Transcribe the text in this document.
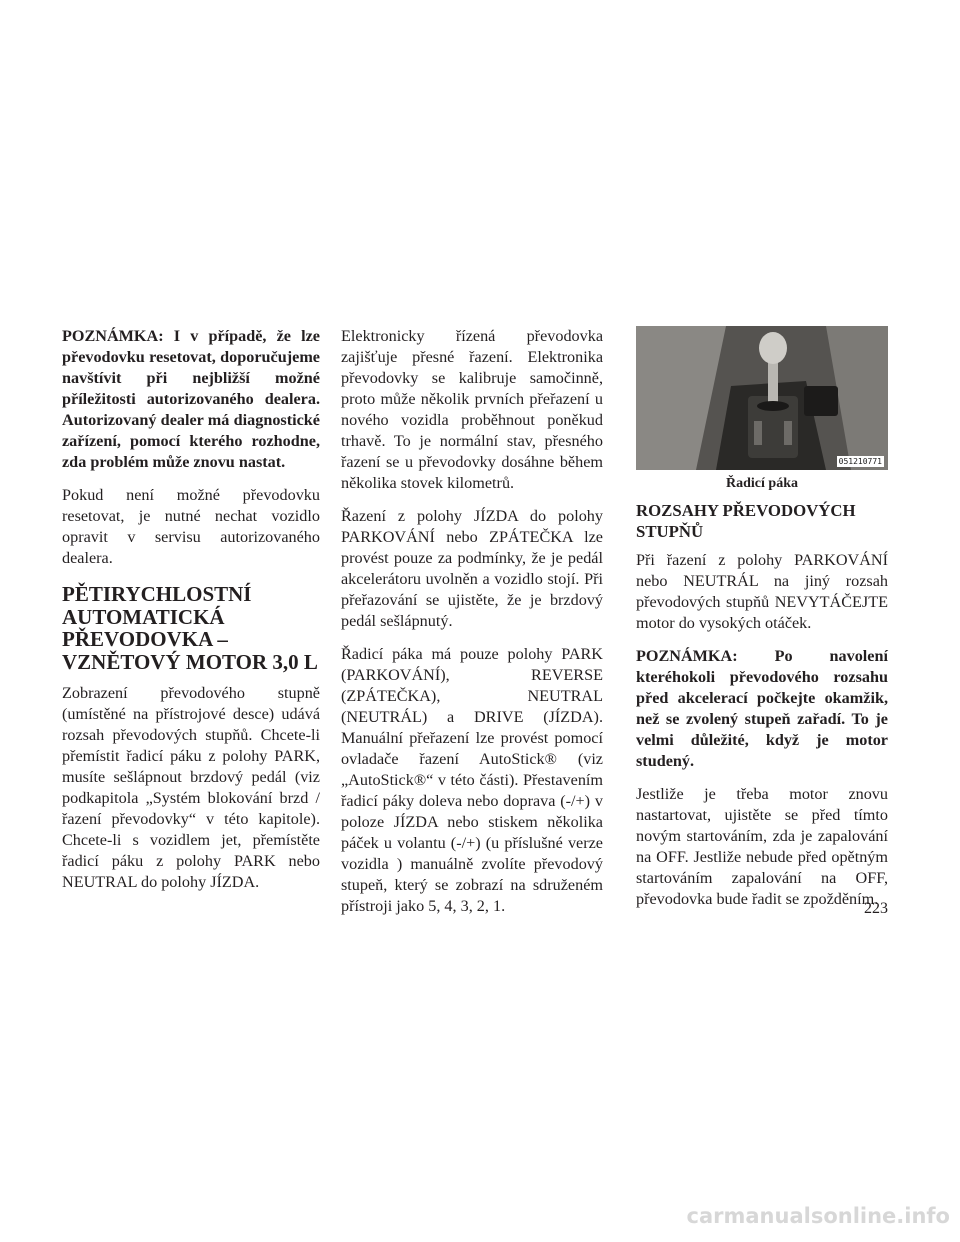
POZNÁMKA: I v případě, že lze převodovku resetovat, doporučujeme navštívit při nejbližší možné příležitosti autorizovaného dealera. Autorizovaný dealer má diagnostické zařízení, pomocí kterého rozhodne, zda problém může znovu nastat.

Pokud není možné převodovku resetovat, je nutné nechat vozidlo opravit v servisu autorizovaného dealera.

PĚTIRYCHLOSTNÍ AUTOMATICKÁ PŘEVODOVKA – VZNĚTOVÝ MOTOR 3,0 L

Zobrazení převodového stupně (umístěné na přístrojové desce) udává rozsah převodových stupňů. Chcete-li přemístit řadicí páku z polohy PARK, musíte sešlápnout brzdový pedál (viz podkapitola „Systém blokování brzd / řazení převodovky“ v této kapitole). Chcete-li s vozidlem jet, přemístěte řadicí páku z polohy PARK nebo NEUTRAL do polohy JÍZDA.

Elektronicky řízená převodovka zajišťuje přesné řazení. Elektronika převodovky se kalibruje samočinně, proto může několik prvních přeřazení u nového vozidla proběhnout poněkud trhavě. To je normální stav, přesného řazení se u převodovky dosáhne během několika stovek kilometrů.

Řazení z polohy JÍZDA do polohy PARKOVÁNÍ nebo ZPÁTEČKA lze provést pouze za podmínky, že je pedál akcelerátoru uvolněn a vozidlo stojí. Při přeřazování se ujistěte, že je brzdový pedál sešlápnutý.

Řadicí páka má pouze polohy PARK (PARKOVÁNÍ), REVERSE (ZPÁTEČKA), NEUTRAL (NEUTRÁL) a DRIVE (JÍZDA). Manuální přeřazení lze provést pomocí ovladače řazení AutoStick® (viz „AutoStick®“ v této části). Přestavením řadicí páky doleva nebo doprava (-/+) v poloze JÍZDA nebo stiskem několika páček u volantu (-/+) (u příslušné verze vozidla ) manuálně zvolíte převodový stupeň, který se zobrazí na sdruženém přístroji jako 5, 4, 3, 2, 1.

051210771
Řadicí páka
ROZSAHY PŘEVODOVÝCH STUPŇŮ

Při řazení z polohy PARKOVÁNÍ nebo NEUTRÁL na jiný rozsah převodových stupňů NEVYTÁČEJTE motor do vysokých otáček.

POZNÁMKA: Po navolení kteréhokoli převodového rozsahu před akcelerací počkejte okamžik, než se zvolený stupeň zařadí. To je velmi důležité, když je motor studený.

Jestliže je třeba motor znovu nastartovat, ujistěte se před tímto novým startováním, zda je zapalování na OFF. Jestliže nebude před opětným startováním zapalování na OFF, převodovka bude řadit se zpožděním.

223
carmanualsonline.info
